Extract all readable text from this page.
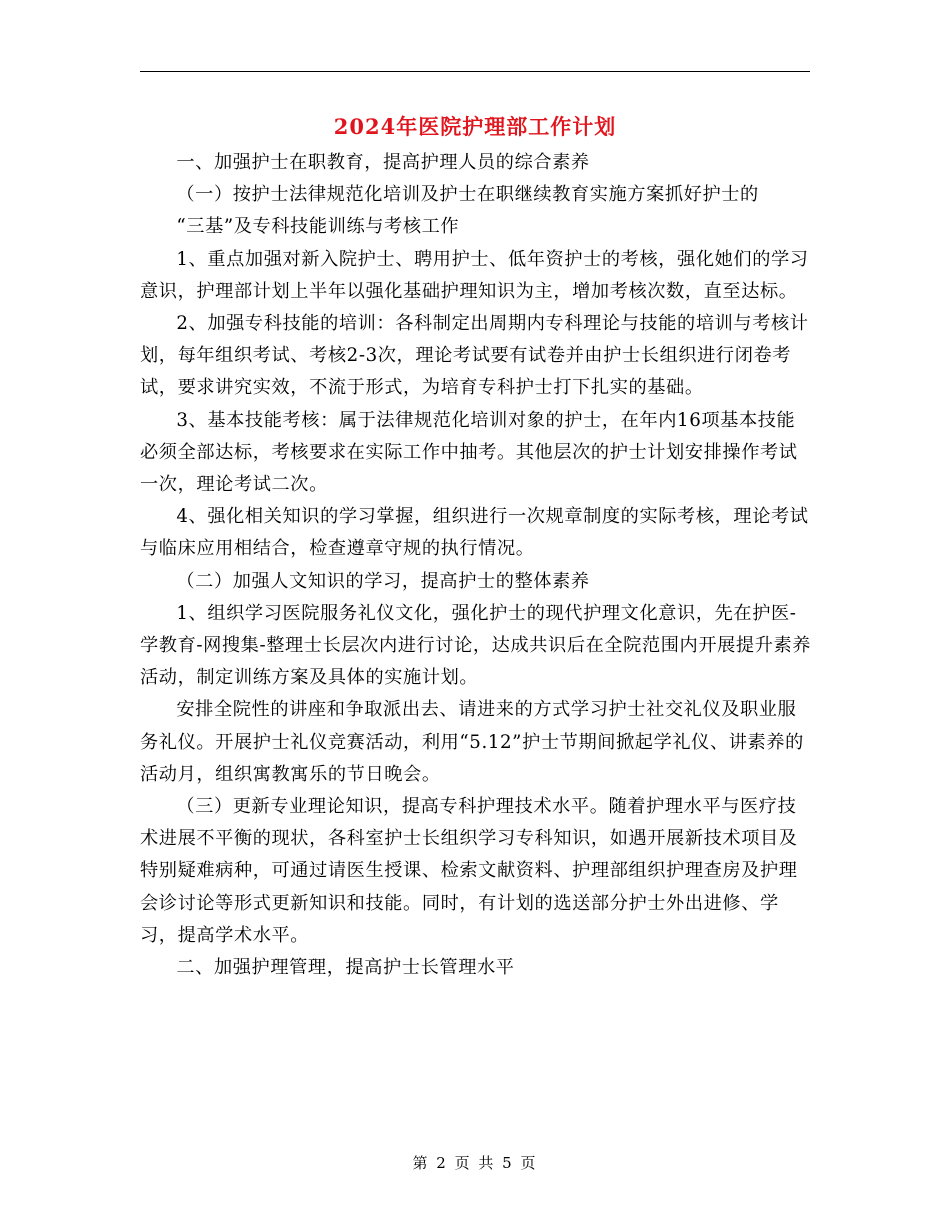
2024年医院护理部工作计划

一、加强护士在职教育，提高护理人员的综合素养

（一）按护士法律规范化培训及护士在职继续教育实施方案抓好护士的

“三基”及专科技能训练与考核工作

1、重点加强对新入院护士、聘用护士、低年资护士的考核，强化她们的学习意识，护理部计划上半年以强化基础护理知识为主，增加考核次数，直至达标。

2、加强专科技能的培训：各科制定出周期内专科理论与技能的培训与考核计划，每年组织考试、考核2-3次，理论考试要有试卷并由护士长组织进行闭卷考试，要求讲究实效，不流于形式，为培育专科护士打下扎实的基础。

3、基本技能考核：属于法律规范化培训对象的护士，在年内16项基本技能必须全部达标，考核要求在实际工作中抽考。其他层次的护士计划安排操作考试一次，理论考试二次。

4、强化相关知识的学习掌握，组织进行一次规章制度的实际考核，理论考试与临床应用相结合，检查遵章守规的执行情况。

（二）加强人文知识的学习，提高护士的整体素养

1、组织学习医院服务礼仪文化，强化护士的现代护理文化意识，先在护医-学教育-网搜集-整理士长层次内进行讨论，达成共识后在全院范围内开展提升素养活动，制定训练方案及具体的实施计划。

安排全院性的讲座和争取派出去、请进来的方式学习护士社交礼仪及职业服务礼仪。开展护士礼仪竞赛活动，利用“5.12”护士节期间掀起学礼仪、讲素养的活动月，组织寓教寓乐的节日晚会。

（三）更新专业理论知识，提高专科护理技术水平。随着护理水平与医疗技术进展不平衡的现状，各科室护士长组织学习专科知识，如遇开展新技术项目及特别疑难病种，可通过请医生授课、检索文献资料、护理部组织护理查房及护理会诊讨论等形式更新知识和技能。同时，有计划的选送部分护士外出进修、学习，提高学术水平。

二、加强护理管理，提高护士长管理水平

第 2 页 共 5 页
